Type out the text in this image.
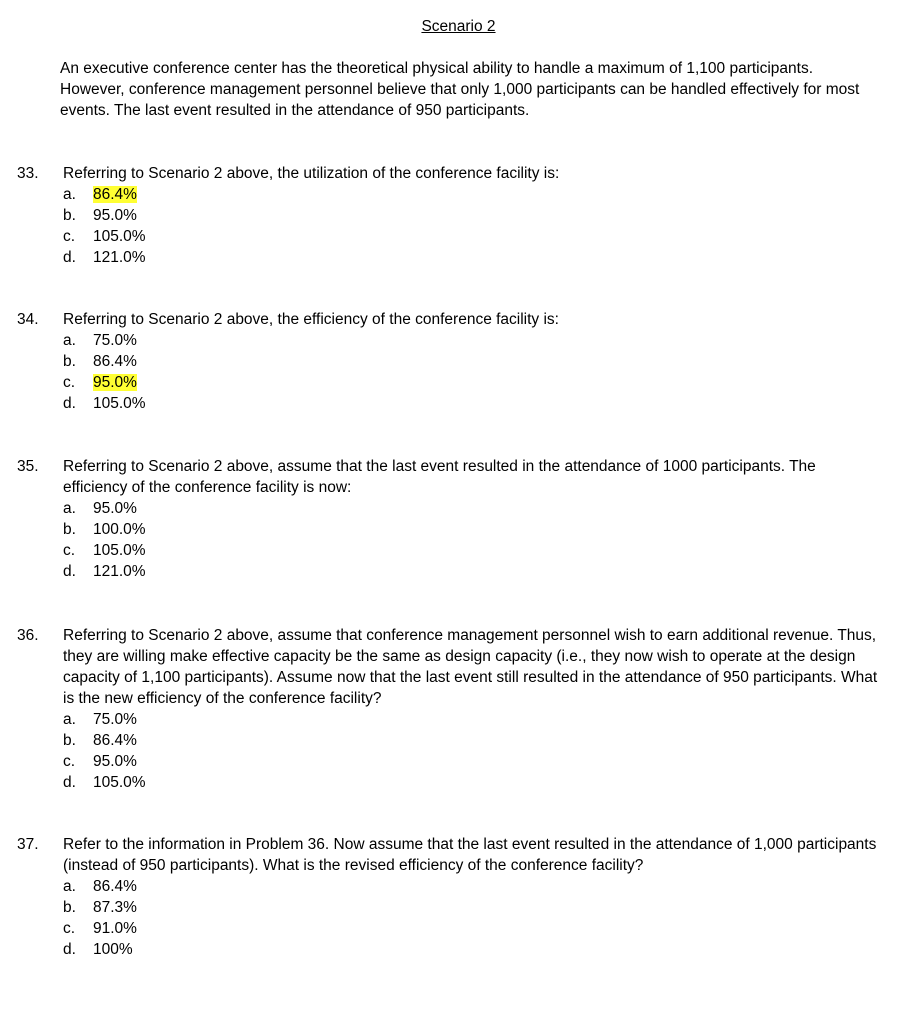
Scenario 2
An executive conference center has the theoretical physical ability to handle a maximum of 1,100 participants. However, conference management personnel believe that only 1,000 participants can be handled effectively for most events. The last event resulted in the attendance of 950 participants.
33. Referring to Scenario 2 above, the utilization of the conference facility is:
a. 86.4%
b. 95.0%
c. 105.0%
d. 121.0%
34. Referring to Scenario 2 above, the efficiency of the conference facility is:
a. 75.0%
b. 86.4%
c. 95.0%
d. 105.0%
35. Referring to Scenario 2 above, assume that the last event resulted in the attendance of 1000 participants. The efficiency of the conference facility is now:
a. 95.0%
b. 100.0%
c. 105.0%
d. 121.0%
36. Referring to Scenario 2 above, assume that conference management personnel wish to earn additional revenue. Thus, they are willing make effective capacity be the same as design capacity (i.e., they now wish to operate at the design capacity of 1,100 participants). Assume now that the last event still resulted in the attendance of 950 participants. What is the new efficiency of the conference facility?
a. 75.0%
b. 86.4%
c. 95.0%
d. 105.0%
37. Refer to the information in Problem 36. Now assume that the last event resulted in the attendance of 1,000 participants (instead of 950 participants). What is the revised efficiency of the conference facility?
a. 86.4%
b. 87.3%
c. 91.0%
d. 100%
